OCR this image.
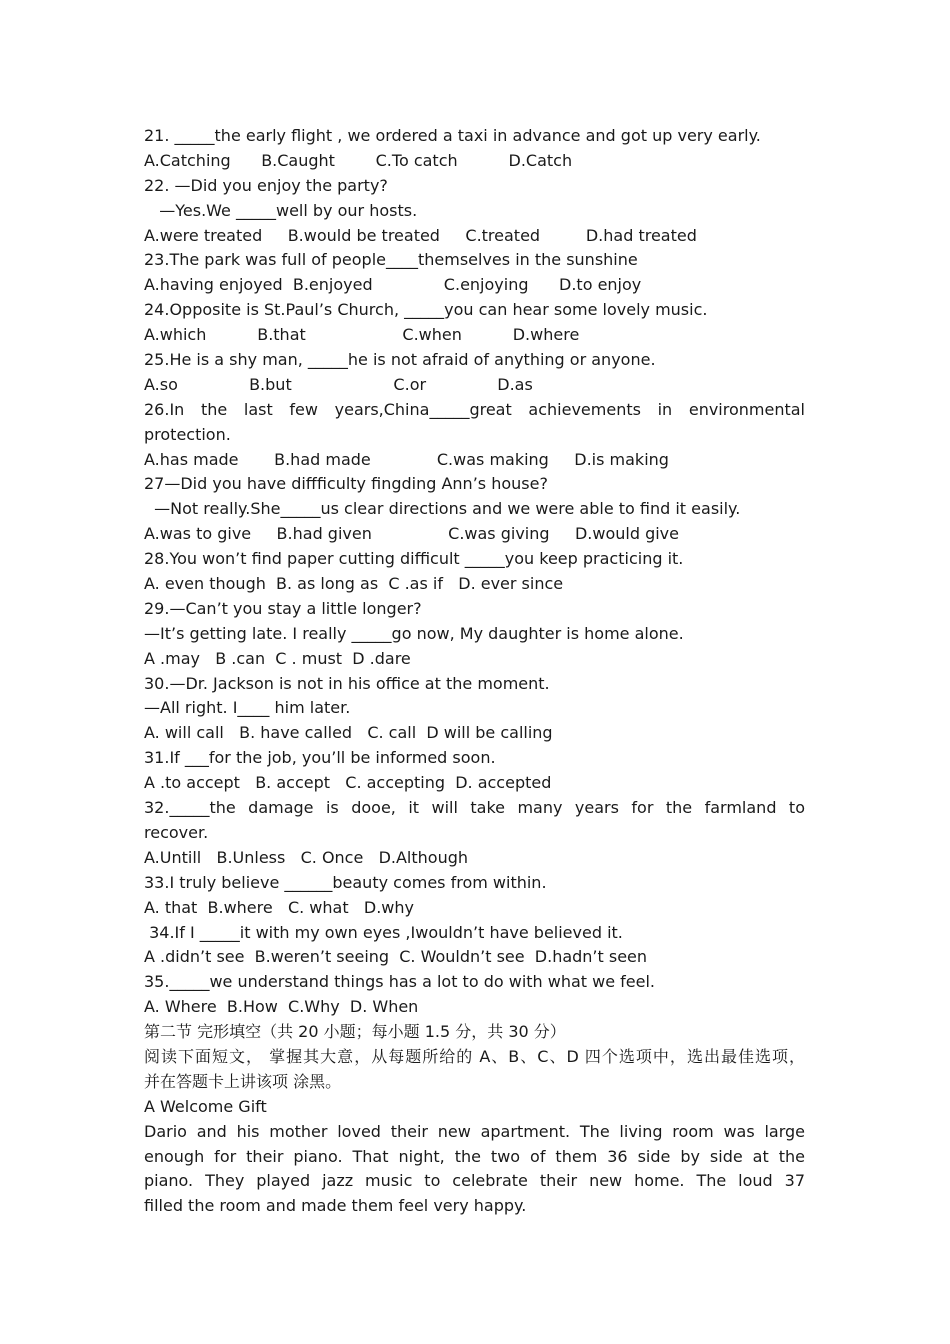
21. _____the early flight , we ordered a taxi in advance and got up very early.
A.Catching      B.Caught        C.To catch          D.Catch
22. —Did you enjoy the party?
—Yes.We _____well by our hosts.
A.were treated     B.would be treated     C.treated         D.had treated
23.The park was full of people____themselves in the sunshine
A.having enjoyed  B.enjoyed              C.enjoying      D.to enjoy
24.Opposite is St.Paul’s Church, _____you can hear some lovely music.
A.which          B.that                   C.when          D.where
25.He is a shy man, _____he is not afraid of anything or anyone.
A.so              B.but                    C.or              D.as
26.In the last few years,China_____great achievements in environmental
protection.
A.has made       B.had made             C.was making     D.is making
27—Did you have diffficulty fingding Ann’s house?
—Not really.She_____us clear directions and we were able to find it easily.
A.was to give     B.had given               C.was giving     D.would give
28.You won’t find paper cutting difficult _____you keep practicing it.
A. even though  B. as long as  C .as if   D. ever since
29.—Can’t you stay a little longer?
—It’s getting late. I really _____go now, My daughter is home alone.
A .may   B .can  C . must  D .dare
30.—Dr. Jackson is not in his office at the moment.
—All right. I____ him later.
A. will call   B. have called   C. call  D will be calling
31.If ___for the job, you’ll be informed soon.
A .to accept   B. accept   C. accepting  D. accepted
32._____the damage is dooe, it will take many years for the farmland to
recover.
A.Untill   B.Unless   C. Once   D.Although
33.I truly believe ______beauty comes from within.
A. that  B.where   C. what   D.why
34.If I _____it with my own eyes ,Iwouldn’t have believed it.
A .didn’t see  B.weren’t seeing  C. Wouldn’t see  D.hadn’t seen
35._____we understand things has a lot to do with what we feel.
A. Where  B.How  C.Why  D. When
第二节 完形填空（共 20 小题；每小题 1.5 分，共 30 分）
阅读下面短文， 掌握其大意，从每题所给的 A、B、C、D 四个选项中，选出最佳选项，
并在答题卡上讲该项 涂黑。
A Welcome Gift
Dario and his mother loved their new apartment. The living room was large
enough for their piano. That night, the two of them 36 side by side at the
piano. They played jazz music to celebrate their new home. The loud 37
filled the room and made them feel very happy.
